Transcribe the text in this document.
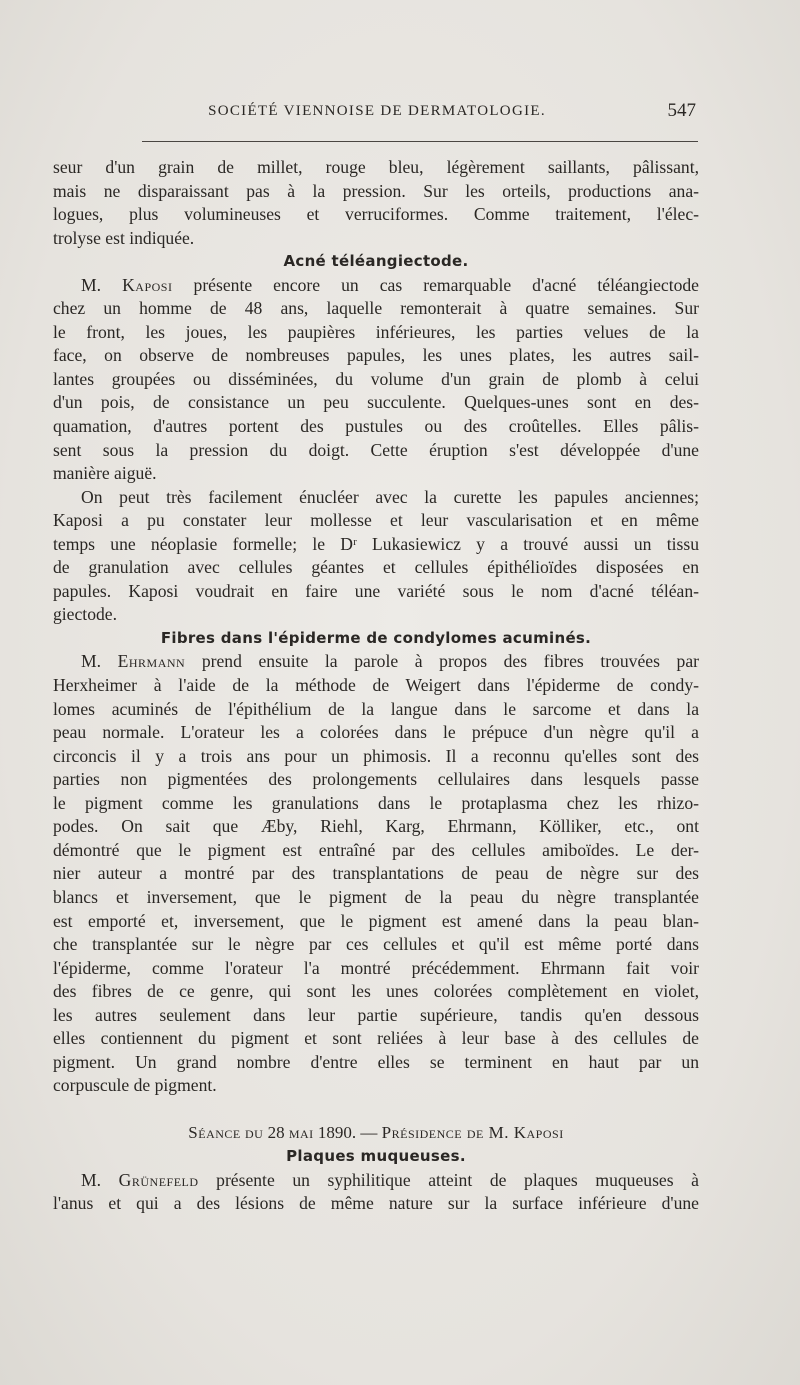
SOCIÉTÉ VIENNOISE DE DERMATOLOGIE.	547
seur d'un grain de millet, rouge bleu, légèrement saillants, pâlissant,
mais ne disparaissant pas à la pression. Sur les orteils, productions ana-
logues, plus volumineuses et verruciformes. Comme traitement, l'élec-
trolyse est indiquée.
Acné téléangiectode.
M. Kaposi présente encore un cas remarquable d'acné téléangiectode
chez un homme de 48 ans, laquelle remonterait à quatre semaines. Sur
le front, les joues, les paupières inférieures, les parties velues de la
face, on observe de nombreuses papules, les unes plates, les autres sail-
lantes groupées ou disséminées, du volume d'un grain de plomb à celui
d'un pois, de consistance un peu succulente. Quelques-unes sont en des-
quamation, d'autres portent des pustules ou des croûtelles. Elles pâlis-
sent sous la pression du doigt. Cette éruption s'est développée d'une
manière aiguë.
On peut très facilement énucléer avec la curette les papules anciennes;
Kaposi a pu constater leur mollesse et leur vascularisation et en même
temps une néoplasie formelle; le Dʳ Lukasiewicz y a trouvé aussi un tissu
de granulation avec cellules géantes et cellules épithélioïdes disposées en
papules. Kaposi voudrait en faire une variété sous le nom d'acné téléan-
giectode.
Fibres dans l'épiderme de condylomes acuminés.
M. Ehrmann prend ensuite la parole à propos des fibres trouvées par
Herxheimer à l'aide de la méthode de Weigert dans l'épiderme de condy-
lomes acuminés de l'épithélium de la langue dans le sarcome et dans la
peau normale. L'orateur les a colorées dans le prépuce d'un nègre qu'il a
circoncis il y a trois ans pour un phimosis. Il a reconnu qu'elles sont des
parties non pigmentées des prolongements cellulaires dans lesquels passe
le pigment comme les granulations dans le protaplasma chez les rhizo-
podes. On sait que Æby, Riehl, Karg, Ehrmann, Kölliker, etc., ont
démontré que le pigment est entraîné par des cellules amiboïdes. Le der-
nier auteur a montré par des transplantations de peau de nègre sur des
blancs et inversement, que le pigment de la peau du nègre transplantée
est emporté et, inversement, que le pigment est amené dans la peau blan-
che transplantée sur le nègre par ces cellules et qu'il est même porté dans
l'épiderme, comme l'orateur l'a montré précédemment. Ehrmann fait voir
des fibres de ce genre, qui sont les unes colorées complètement en violet,
les autres seulement dans leur partie supérieure, tandis qu'en dessous
elles contiennent du pigment et sont reliées à leur base à des cellules de
pigment. Un grand nombre d'entre elles se terminent en haut par un
corpuscule de pigment.
Séance du 28 mai 1890. — Présidence de M. Kaposi
Plaques muqueuses.
M. Grünefeld présente un syphilitique atteint de plaques muqueuses à
l'anus et qui a des lésions de même nature sur la surface inférieure d'une
